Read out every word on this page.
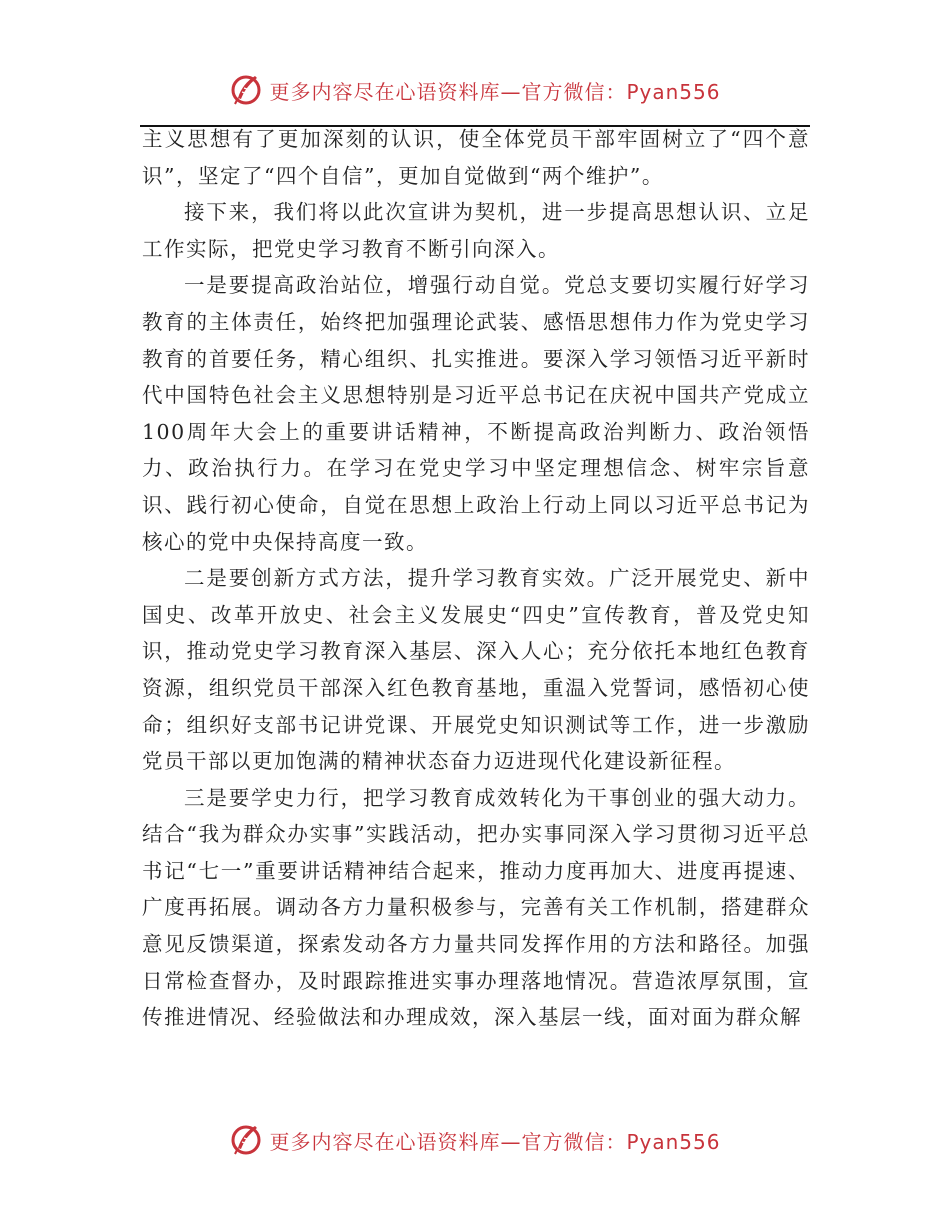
更多内容尽在心语资料库—官方微信：Pyan556

主义思想有了更加深刻的认识，使全体党员干部牢固树立了“四个意识”，坚定了“四个自信”，更加自觉做到“两个维护”。

接下来，我们将以此次宣讲为契机，进一步提高思想认识、立足工作实际，把党史学习教育不断引向深入。

一是要提高政治站位，增强行动自觉。党总支要切实履行好学习教育的主体责任，始终把加强理论武装、感悟思想伟力作为党史学习教育的首要任务，精心组织、扎实推进。要深入学习领悟习近平新时代中国特色社会主义思想特别是习近平总书记在庆祝中国共产党成立100周年大会上的重要讲话精神，不断提高政治判断力、政治领悟力、政治执行力。在学习在党史学习中坚定理想信念、树牢宗旨意识、践行初心使命，自觉在思想上政治上行动上同以习近平总书记为核心的党中央保持高度一致。

二是要创新方式方法，提升学习教育实效。广泛开展党史、新中国史、改革开放史、社会主义发展史“四史”宣传教育，普及党史知识，推动党史学习教育深入基层、深入人心；充分依托本地红色教育资源，组织党员干部深入红色教育基地，重温入党誓词，感悟初心使命；组织好支部书记讲党课、开展党史知识测试等工作，进一步激励党员干部以更加饱满的精神状态奋力迈进现代化建设新征程。

三是要学史力行，把学习教育成效转化为干事创业的强大动力。结合“我为群众办实事”实践活动，把办实事同深入学习贯彻习近平总书记“七一”重要讲话精神结合起来，推动力度再加大、进度再提速、广度再拓展。调动各方力量积极参与，完善有关工作机制，搭建群众意见反馈渠道，探索发动各方力量共同发挥作用的方法和路径。加强日常检查督办，及时跟踪推进实事办理落地情况。营造浓厚氛围，宣传推进情况、经验做法和办理成效，深入基层一线，面对面为群众解

更多内容尽在心语资料库—官方微信：Pyan556
